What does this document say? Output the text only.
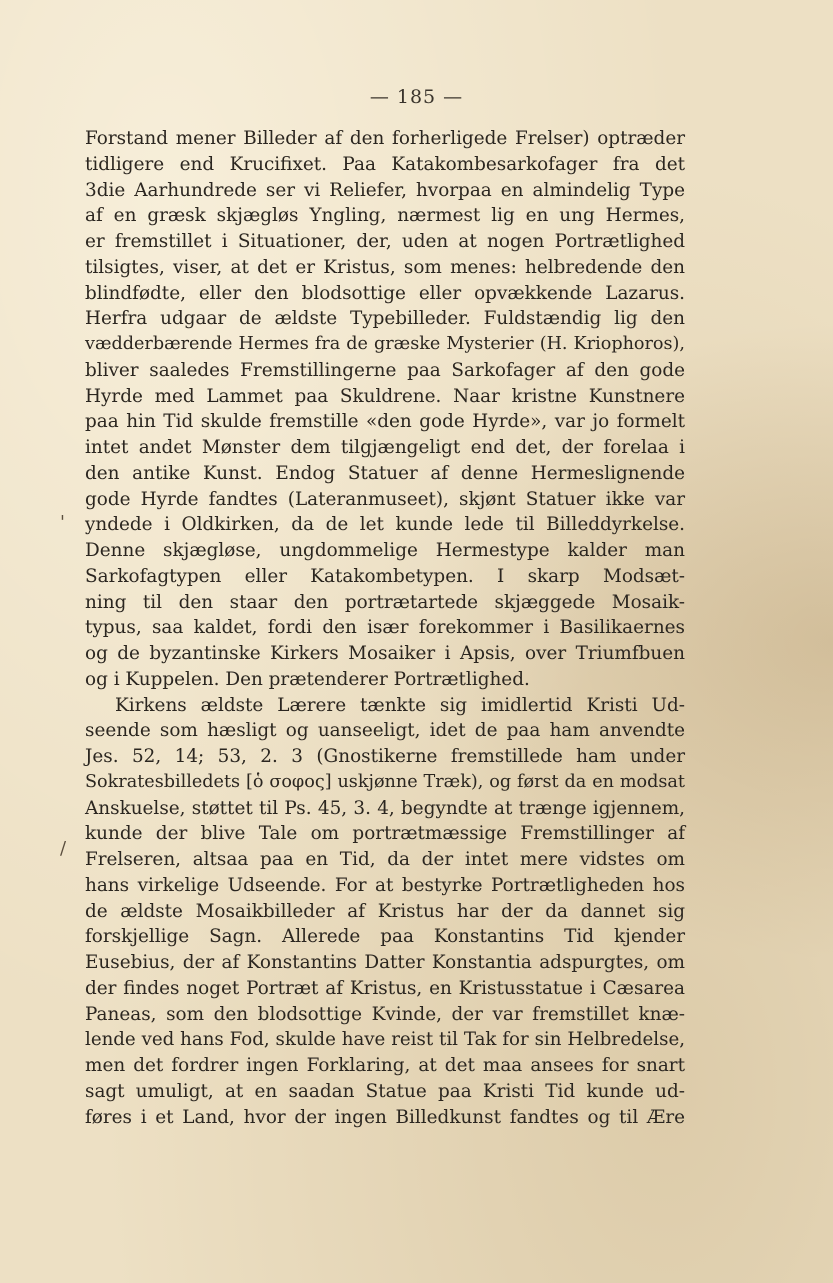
— 185 —
Forstand mener Billeder af den forherligede Frelser) optræder
tidligere end Krucifixet. Paa Katakombesarkofager fra det
3die Aarhundrede ser vi Reliefer, hvorpaa en almindelig Type
af en græsk skjægløs Yngling, nærmest lig en ung Hermes,
er fremstillet i Situationer, der, uden at nogen Portrætlighed
tilsigtes, viser, at det er Kristus, som menes: helbredende den
blindfødte, eller den blodsottige eller opvækkende Lazarus.
Herfra udgaar de ældste Typebilleder. Fuldstændig lig den
vædderbærende Hermes fra de græske Mysterier (H. Kriophoros),
bliver saaledes Fremstillingerne paa Sarkofager af den gode
Hyrde med Lammet paa Skuldrene. Naar kristne Kunstnere
paa hin Tid skulde fremstille «den gode Hyrde», var jo formelt
intet andet Mønster dem tilgjængeligt end det, der forelaa i
den antike Kunst. Endog Statuer af denne Hermeslignende
gode Hyrde fandtes (Lateranmuseet), skjønt Statuer ikke var
yndede i Oldkirken, da de let kunde lede til Billeddyrkelse.
Denne skjægløse, ungdommelige Hermestype kalder man
Sarkofagtypen eller Katakombetypen. I skarp Modsæt-
ning til den staar den portrætartede skjæggede Mosaik-
typus, saa kaldet, fordi den især forekommer i Basilikaernes
og de byzantinske Kirkers Mosaiker i Apsis, over Triumfbuen
og i Kuppelen. Den prætenderer Portrætlighed.
Kirkens ældste Lærere tænkte sig imidlertid Kristi Ud-
seende som hæsligt og uanseeligt, idet de paa ham anvendte
Jes. 52, 14; 53, 2. 3 (Gnostikerne fremstillede ham under
Sokratesbilledets [ὁ σοφος] uskjønne Træk), og først da en modsat
Anskuelse, støttet til Ps. 45, 3. 4, begyndte at trænge igjennem,
kunde der blive Tale om portrætmæssige Fremstillinger af
Frelseren, altsaa paa en Tid, da der intet mere vidstes om
hans virkelige Udseende. For at bestyrke Portrætligheden hos
de ældste Mosaikbilleder af Kristus har der da dannet sig
forskjellige Sagn. Allerede paa Konstantins Tid kjender
Eusebius, der af Konstantins Datter Konstantia adspurgtes, om
der findes noget Portræt af Kristus, en Kristusstatue i Cæsarea
Paneas, som den blodsottige Kvinde, der var fremstillet knæ-
lende ved hans Fod, skulde have reist til Tak for sin Helbredelse,
men det fordrer ingen Forklaring, at det maa ansees for snart
sagt umuligt, at en saadan Statue paa Kristi Tid kunde ud-
føres i et Land, hvor der ingen Billedkunst fandtes og til Ære
'
/
